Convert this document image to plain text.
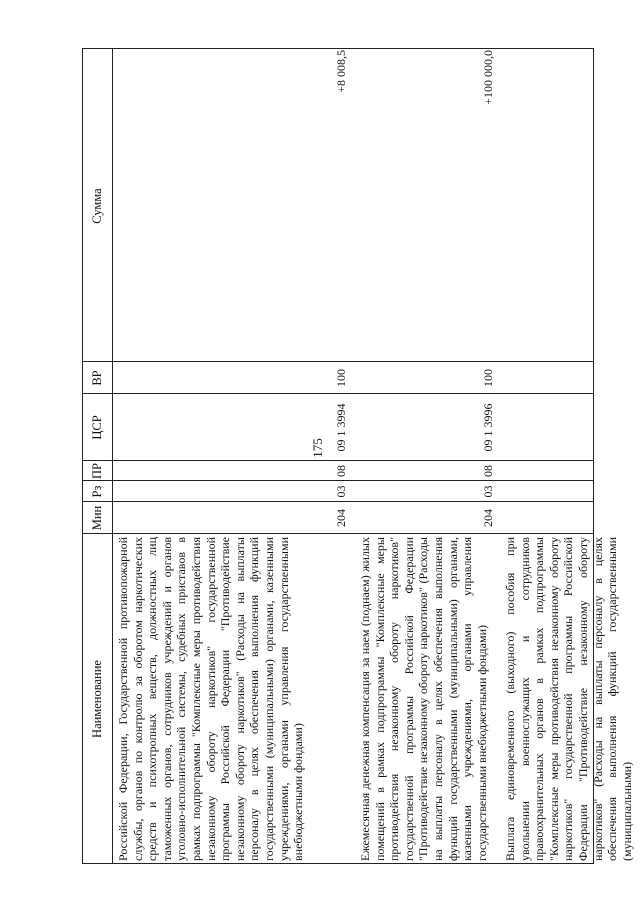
175
Наименование
Мин
Рз
ПР
ЦСР
ВР
Сумма
Российской Федерации, Государственной противопожарной службы, органов по контролю за оборотом наркотических средств и психотропных веществ, должностных лиц таможенных органов, сотрудников учреждений и органов уголовно-исполнительной системы, судебных приставов в рамках подпрограммы "Комплексные меры противодействия незаконному обороту наркотиков" государственной программы Российской Федерации "Противодействие незаконному обороту наркотиков" (Расходы на выплаты персоналу в целях обеспечения выполнения функций государственными (муниципальными) органами, казенными учреждениями, органами управления государственными внебюджетными фондами)
204
03
08
09 1 3994
100
+8 008,5
Ежемесячная денежная компенсация за наем (поднаем) жилых помещений в рамках подпрограммы "Комплексные меры противодействия незаконному обороту наркотиков" государственной программы Российской Федерации "Противодействие незаконному обороту наркотиков" (Расходы на выплаты персоналу в целях обеспечения выполнения функций государственными (муниципальными) органами, казенными учреждениями, органами управления государственными внебюджетными фондами)
204
03
08
09 1 3996
100
+100 000,0
Выплата единовременного (выходного) пособия при увольнении военнослужащих и сотрудников правоохранительных органов в рамках подпрограммы "Комплексные меры противодействия незаконному обороту наркотиков" государственной программы Российской Федерации "Противодействие незаконному обороту наркотиков" (Расходы на выплаты персоналу в целях обеспечения выполнения функций государственными (муниципальными)
